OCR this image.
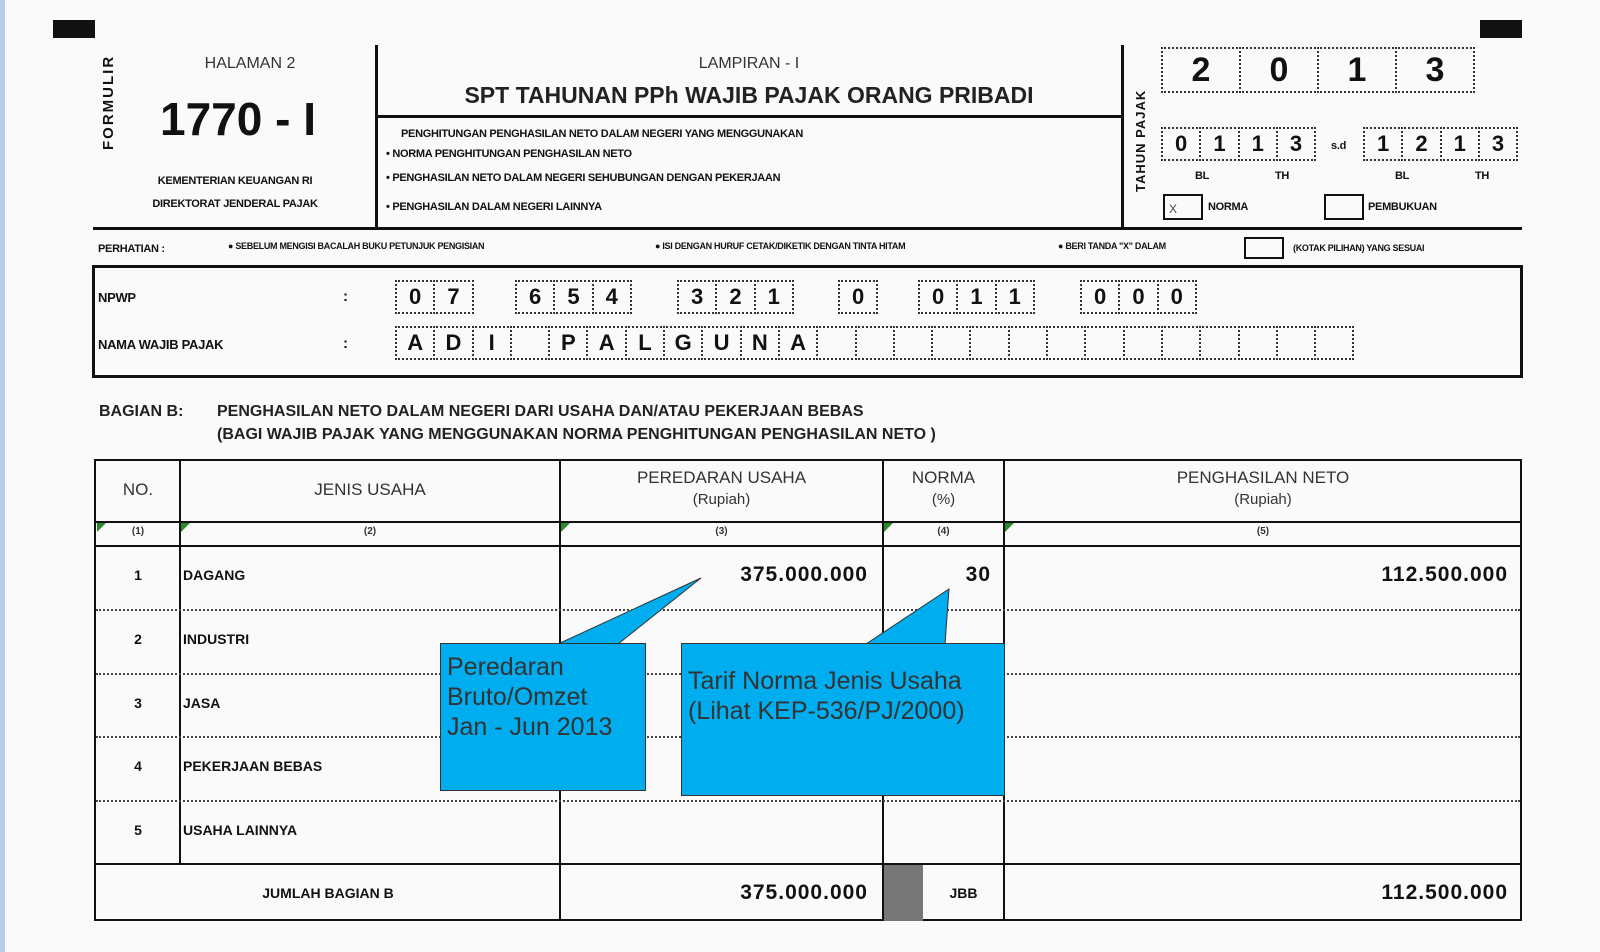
FORMULIR	HALAMAN 2
1770 - I
KEMENTERIAN KEUANGAN RI
DIREKTORAT JENDERAL PAJAK
LAMPIRAN - I
SPT TAHUNAN PPh WAJIB PAJAK ORANG PRIBADI
PENGHITUNGAN PENGHASILAN NETO DALAM NEGERI YANG MENGGUNAKAN
• NORMA PENGHITUNGAN PENGHASILAN NETO
• PENGHASILAN NETO DALAM NEGERI SEHUBUNGAN DENGAN PEKERJAAN
• PENGHASILAN DALAM NEGERI LAINNYA
TAHUN PAJAK
2	0	1	3
0	1	1	3	s.d	1	2	1	3
BL	TH	BL	TH
X	NORMA	PEMBUKUAN
PERHATIAN :	● SEBELUM MENGISI BACALAH BUKU PETUNJUK PENGISIAN	● ISI DENGAN HURUF CETAK/DIKETIK DENGAN TINTA HITAM	● BERI TANDA "X" DALAM	(KOTAK PILIHAN) YANG SESUAI
NPWP	:	0	7	6	5	4	3	2	1	0	0	1	1	0	0	0
NAMA WAJIB PAJAK	:	A	D	I	P	A	L	G U	N	A
BAGIAN B: PENGHASILAN NETO DALAM NEGERI DARI USAHA DAN/ATAU PEKERJAAN BEBAS
(BAGI WAJIB PAJAK YANG MENGGUNAKAN NORMA PENGHITUNGAN PENGHASILAN NETO )
NO.
(1)
JENIS USAHA
(2)
PEREDARAN USAHA
(Rupiah)
(3)
NORMA
(%)
(4)
PENGHASILAN NETO
(Rupiah)
(5)
1	DAGANG	375.000.000	30	112.500.000
2	INDUSTRI
3	JASA
4	PEKERJAAN BEBAS
5	USAHA LAINNYA
JUMLAH BAGIAN B	375.000.000	JBB	112.500.000
Peredaran
Bruto/Omzet
Jan - Jun 2013
Tarif Norma Jenis Usaha
(Lihat KEP-536/PJ/2000)
